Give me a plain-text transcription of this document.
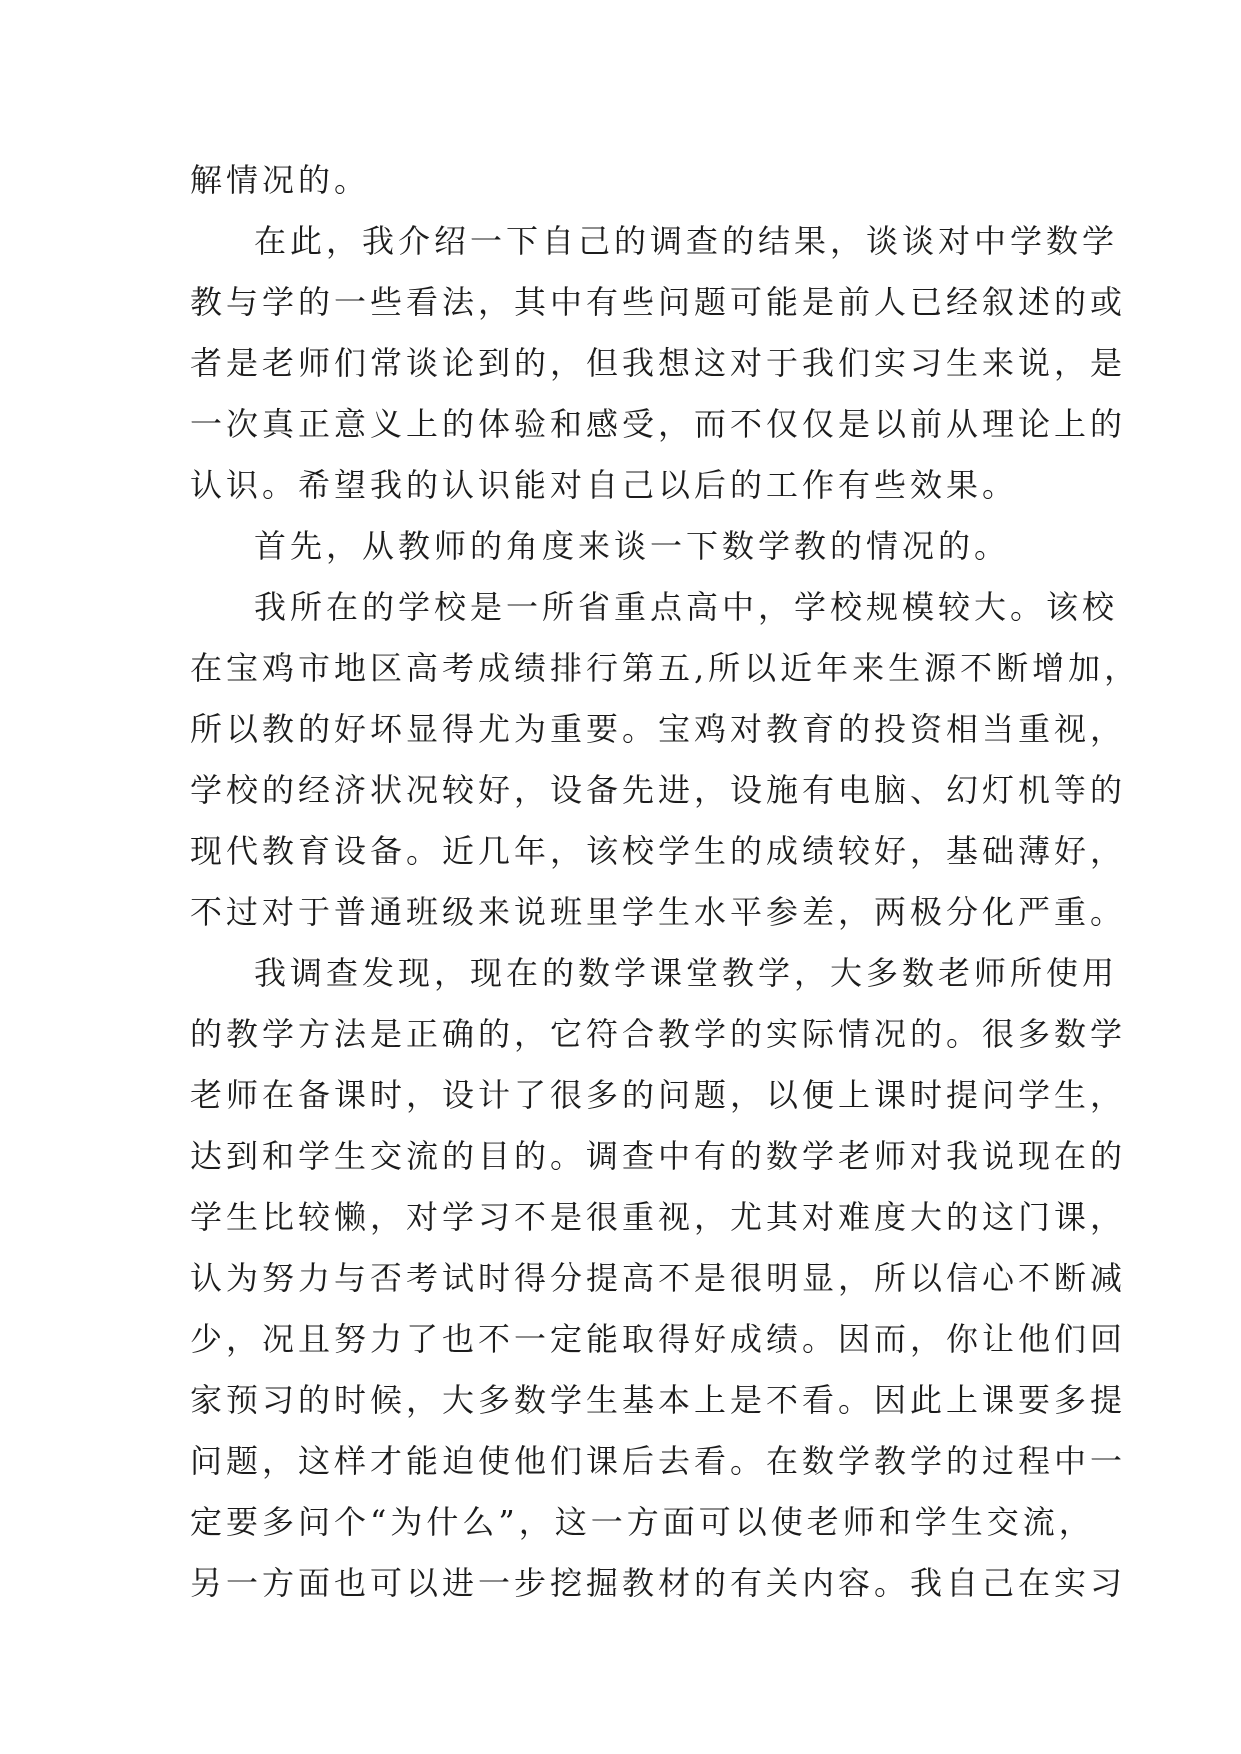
解情况的。
在此，我介绍一下自己的调查的结果，谈谈对中学数学
教与学的一些看法，其中有些问题可能是前人已经叙述的或
者是老师们常谈论到的，但我想这对于我们实习生来说，是
一次真正意义上的体验和感受，而不仅仅是以前从理论上的
认识。希望我的认识能对自己以后的工作有些效果。
首先，从教师的角度来谈一下数学教的情况的。
我所在的学校是一所省重点高中，学校规模较大。该校
在宝鸡市地区高考成绩排行第五,所以近年来生源不断增加，
所以教的好坏显得尤为重要。宝鸡对教育的投资相当重视，
学校的经济状况较好，设备先进，设施有电脑、幻灯机等的
现代教育设备。近几年，该校学生的成绩较好，基础薄好，
不过对于普通班级来说班里学生水平参差，两极分化严重。
我调查发现，现在的数学课堂教学，大多数老师所使用
的教学方法是正确的，它符合教学的实际情况的。很多数学
老师在备课时，设计了很多的问题，以便上课时提问学生，
达到和学生交流的目的。调查中有的数学老师对我说现在的
学生比较懒，对学习不是很重视，尤其对难度大的这门课，
认为努力与否考试时得分提高不是很明显，所以信心不断减
少，况且努力了也不一定能取得好成绩。因而，你让他们回
家预习的时候，大多数学生基本上是不看。因此上课要多提
问题，这样才能迫使他们课后去看。在数学教学的过程中一
定要多问个“为什么”，这一方面可以使老师和学生交流，
另一方面也可以进一步挖掘教材的有关内容。我自己在实习
